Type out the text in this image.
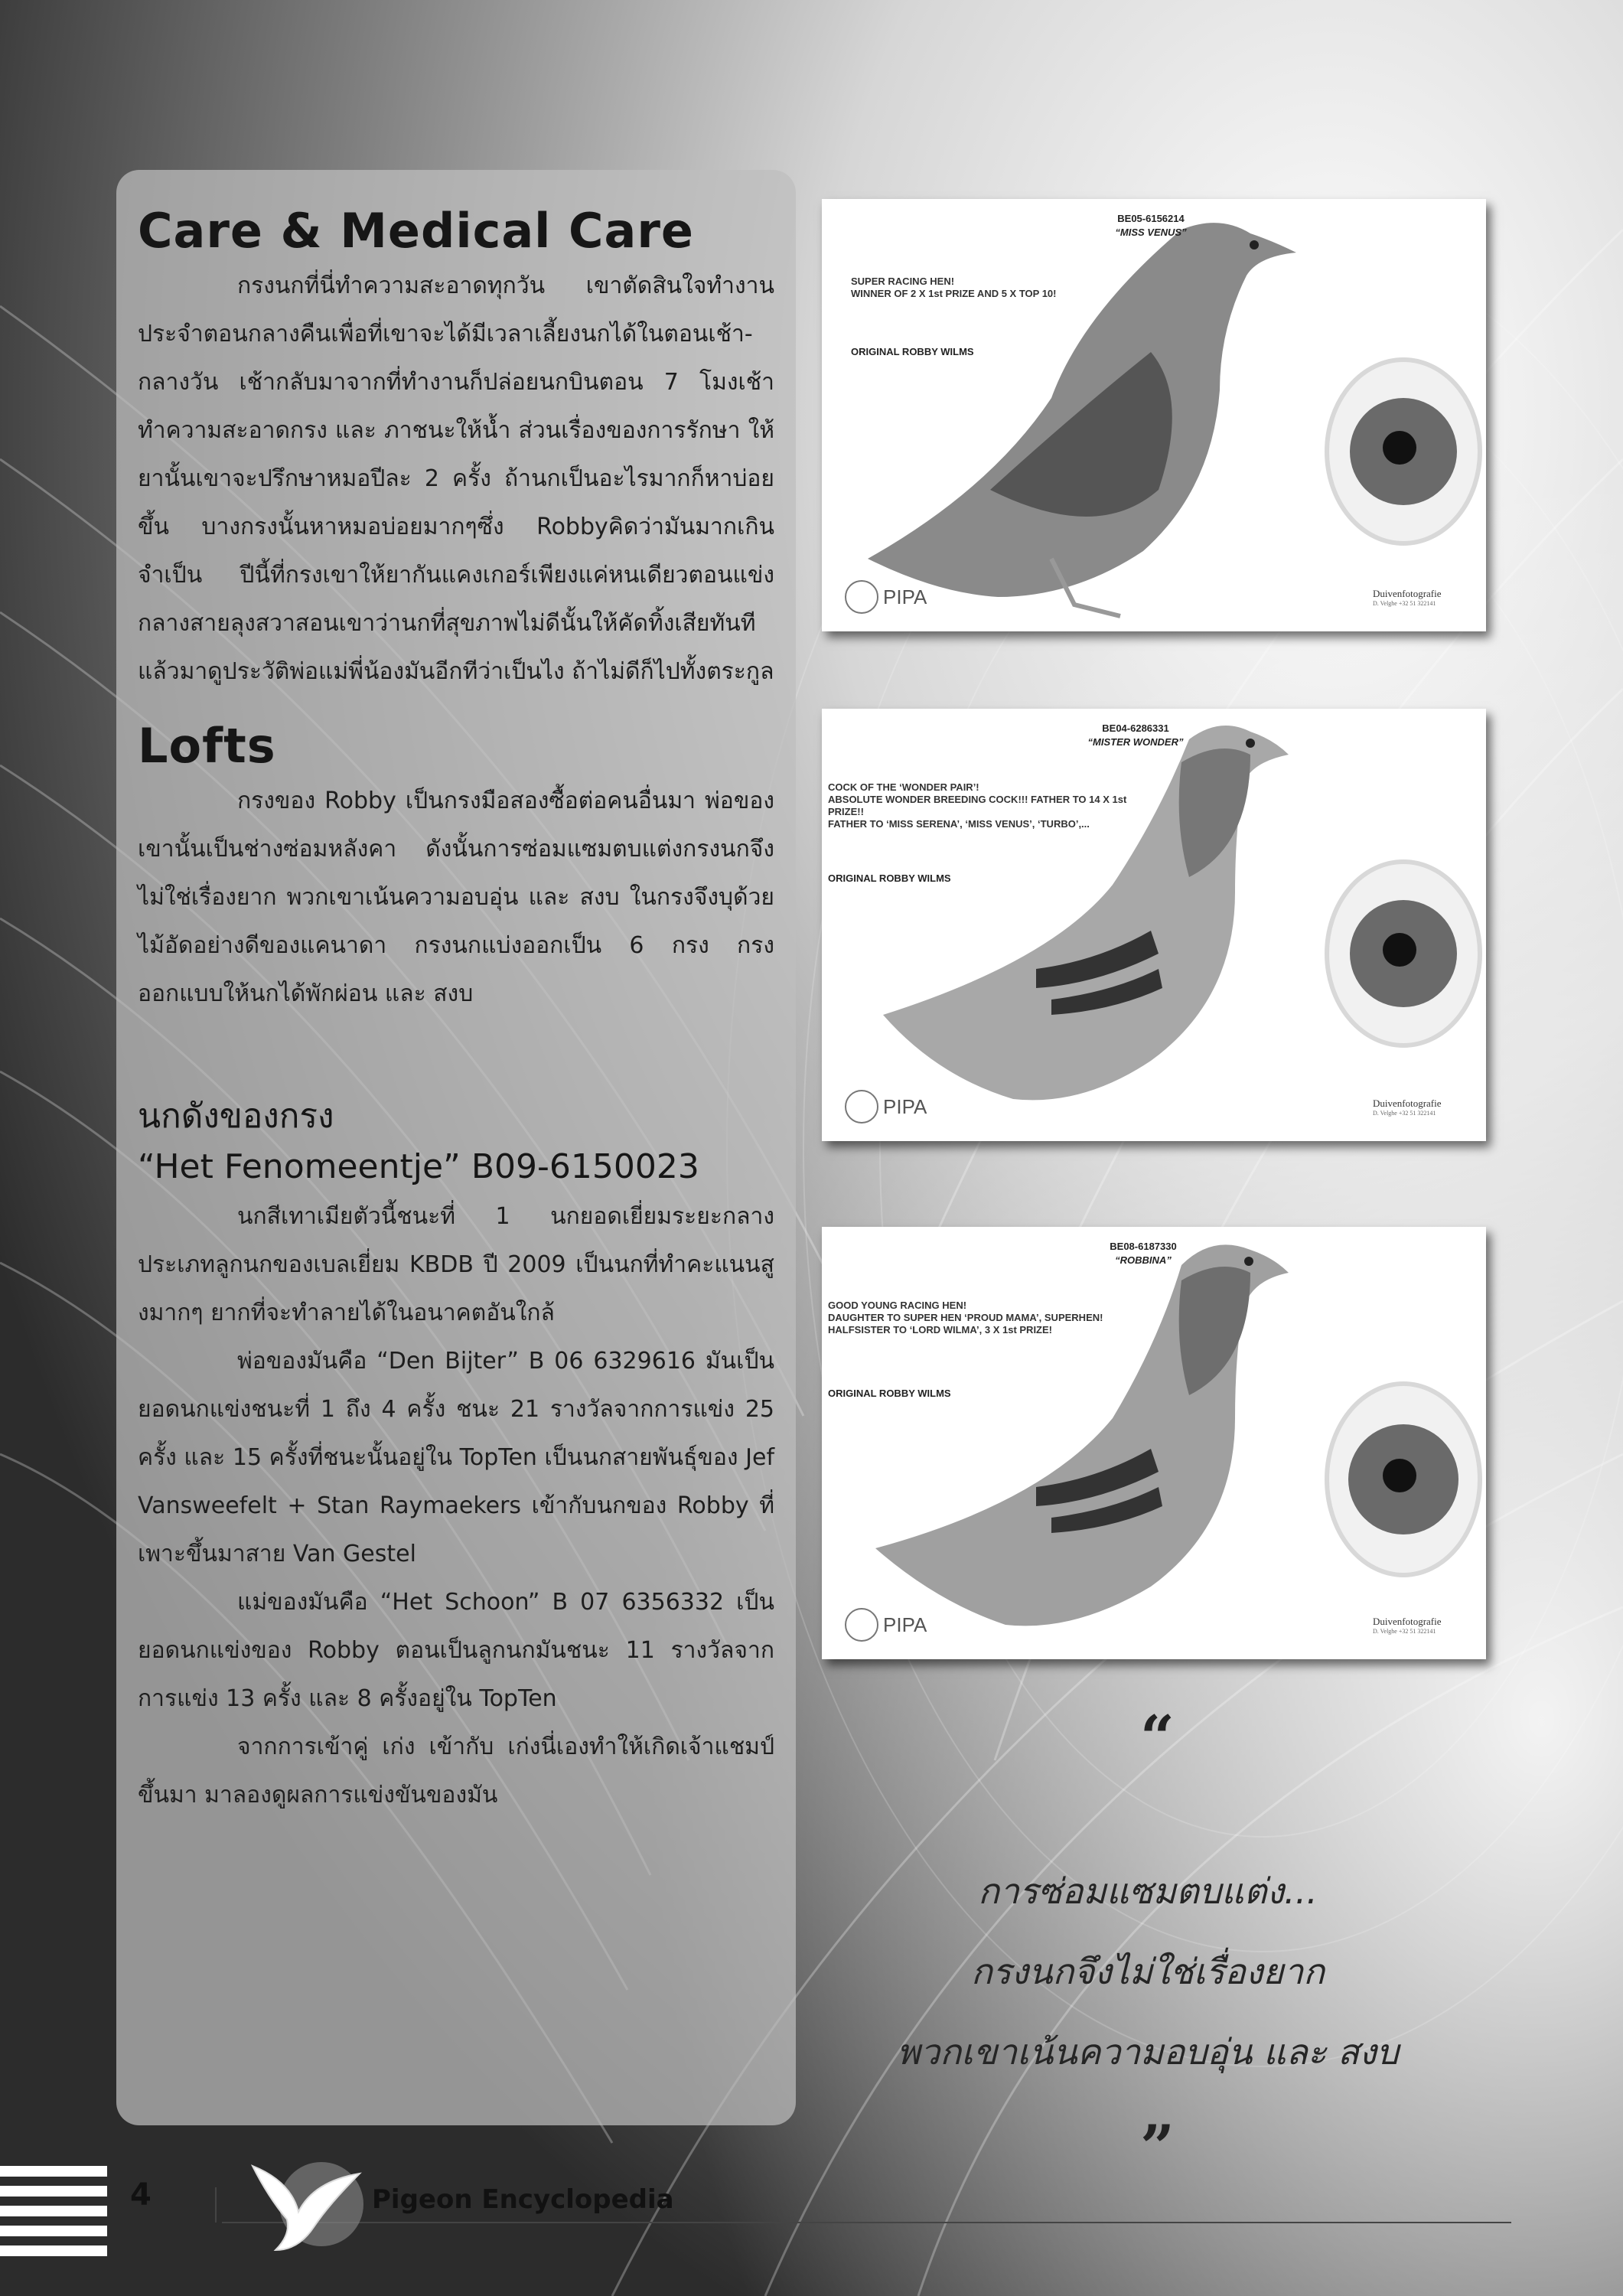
Care & Medical Care

กรงนกที่นี่ทำความสะอาดทุกวัน เขาตัดสินใจทำงานประจำตอนกลางคืนเพื่อที่เขาจะได้มีเวลาเลี้ยงนกได้ในตอนเช้า-กลางวัน เช้ากลับมาจากที่ทำงานก็ปล่อยนกบินตอน 7 โมงเช้า ทำความสะอาดกรง และ ภาชนะให้น้ำ ส่วนเรื่องของการรักษา ให้ยานั้นเขาจะปรึกษาหมอปีละ 2 ครั้ง ถ้านกเป็นอะไรมากก็หาบ่อยขึ้น บางกรงนั้นหาหมอบ่อยมากๆซึ่ง Robbyคิดว่ามันมากเกินจำเป็น ปีนี้ที่กรงเขาให้ยากันแคงเกอร์เพียงแค่หนเดียวตอนแข่งกลางสายลุงสวาสอนเขาว่านกที่สุขภาพไม่ดีนั้นให้คัดทิ้งเสียทันทีแล้วมาดูประวัติพ่อแม่พี่น้องมันอีกทีว่าเป็นไง ถ้าไม่ดีก็ไปทั้งตระกูล

Lofts

กรงของ Robby เป็นกรงมือสองซื้อต่อคนอื่นมา พ่อของเขานั้นเป็นช่างซ่อมหลังคา ดังนั้นการซ่อมแซมตบแต่งกรงนกจึงไม่ใช่เรื่องยาก พวกเขาเน้นความอบอุ่น และ สงบ ในกรงจึงบุด้วยไม้อัดอย่างดีของแคนาดา กรงนกแบ่งออกเป็น 6 กรง กรงออกแบบให้นกได้พักผ่อน และ สงบ

นกดังของกรง
“Het Fenomeentje” B09-6150023

นกสีเทาเมียตัวนี้ชนะที่ 1 นกยอดเยี่ยมระยะกลาง ประเภทลูกนกของเบลเยี่ยม KBDB ปี 2009 เป็นนกที่ทำคะแนนสูงมากๆ ยากที่จะทำลายได้ในอนาคตอันใกล้

พ่อของมันคือ “Den Bijter” B 06 6329616 มันเป็นยอดนกแข่งชนะที่ 1 ถึง 4 ครั้ง ชนะ 21 รางวัลจากการแข่ง 25 ครั้ง และ 15 ครั้งที่ชนะนั้นอยู่ใน TopTen เป็นนกสายพันธุ์ของ Jef Vansweefelt + Stan Raymaekers เข้ากับนกของ Robby ที่เพาะขึ้นมาสาย Van Gestel

แม่ของมันคือ “Het Schoon” B 07 6356332 เป็นยอดนกแข่งของ Robby ตอนเป็นลูกนกมันชนะ 11 รางวัลจากการแข่ง 13 ครั้ง และ 8 ครั้งอยู่ใน TopTen

จากการเข้าคู่ เก่ง เข้ากับ เก่งนี่เองทำให้เกิดเจ้าแชมป์ขึ้นมา มาลองดูผลการแข่งขันของมัน

BE05-6156214
“MISS VENUS”
SUPER RACING HEN!
WINNER OF 2 X 1st PRIZE AND 5 X TOP 10!
ORIGINAL ROBBY WILMS
PIPA	Duivenfotografie
D. Velghe +32 51 322141
BE04-6286331
“MISTER WONDER”
COCK OF THE ‘WONDER PAIR’!
ABSOLUTE WONDER BREEDING COCK!!! FATHER TO 14 X 1st
PRIZE!!
FATHER TO ‘MISS SERENA’, ‘MISS VENUS’, ‘TURBO’,...
ORIGINAL ROBBY WILMS
PIPA	Duivenfotografie
D. Velghe +32 51 322141
BE08-6187330
“ROBBINA”
GOOD YOUNG RACING HEN!
DAUGHTER TO SUPER HEN ‘PROUD MAMA’, SUPERHEN!
HALFSISTER TO ‘LORD WILMA’, 3 X 1st PRIZE!
ORIGINAL ROBBY WILMS
PIPA	Duivenfotografie
D. Velghe +32 51 322141
“
การซ่อมแซมตบแต่ง...
กรงนกจึงไม่ใช่เรื่องยาก
พวกเขาเน้นความอบอุ่น และ สงบ
”
4	Pigeon Encyclopedia
